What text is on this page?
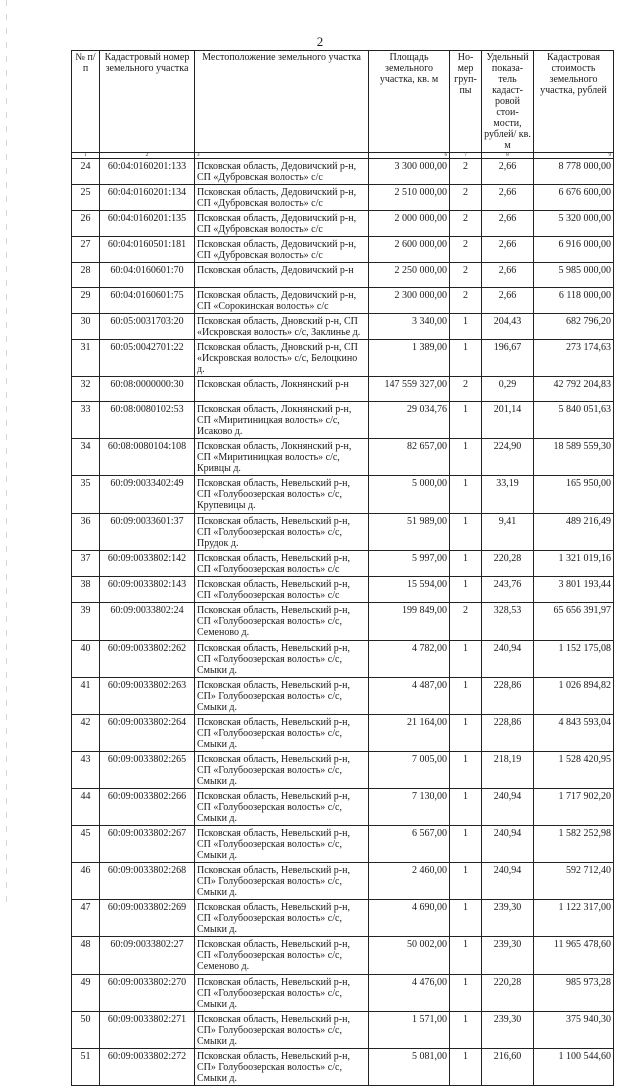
2
№ п/п	Кадастровый номер земельного участка	Местоположение земельного участка	Площадь земельного участка, кв. м	Но-мер груп-пы	Удельный показа-тель кадаст-ровой стои-мости, рублей/ кв. м	Кадастровая стоимость земельного участка, рублей
1	2	3	6	7	8	9
24	60:04:0160201:133	Псковская область, Дедовичский р-н, СП «Дубровская волость» с/с	3 300 000,00	2	2,66	8 778 000,00
25	60:04:0160201:134	Псковская область, Дедовичский р-н, СП «Дубровская волость» с/с	2 510 000,00	2	2,66	6 676 600,00
26	60:04:0160201:135	Псковская область, Дедовичский р-н, СП «Дубровская волость» с/с	2 000 000,00	2	2,66	5 320 000,00
27	60:04:0160501:181	Псковская область, Дедовичский р-н, СП «Дубровская волость» с/с	2 600 000,00	2	2,66	6 916 000,00
28	60:04:0160601:70	Псковская область, Дедовичский р-н	2 250 000,00	2	2,66	5 985 000,00
29	60:04:0160601:75	Псковская область, Дедовичский р-н, СП «Сорокинская волость» с/с	2 300 000,00	2	2,66	6 118 000,00
30	60:05:0031703:20	Псковская область, Дновский р-н, СП «Искровская волость» с/с, Заклинье д.	3 340,00	1	204,43	682 796,20
31	60:05:0042701:22	Псковская область, Дновский р-н, СП «Искровская волость» с/с, Белоцкино д.	1 389,00	1	196,67	273 174,63
32	60:08:0000000:30	Псковская область, Локнянский р-н	147 559 327,00	2	0,29	42 792 204,83
33	60:08:0080102:53	Псковская область, Локнянский р-н, СП «Миритиницкая волость» с/с, Исаково д.	29 034,76	1	201,14	5 840 051,63
34	60:08:0080104:108	Псковская область, Локнянский р-н, СП «Миритиницкая волость» с/с, Кривцы д.	82 657,00	1	224,90	18 589 559,30
35	60:09:0033402:49	Псковская область, Невельский р-н, СП «Голубоозерская волость» с/с, Крупевицы д.	5 000,00	1	33,19	165 950,00
36	60:09:0033601:37	Псковская область, Невельский р-н, СП «Голубоозерская волость» с/с, Прудок д.	51 989,00	1	9,41	489 216,49
37	60:09:0033802:142	Псковская область, Невельский р-н, СП «Голубоозерская волость» с/с	5 997,00	1	220,28	1 321 019,16
38	60:09:0033802:143	Псковская область, Невельский р-н, СП «Голубоозерская волость» с/с	15 594,00	1	243,76	3 801 193,44
39	60:09:0033802:24	Псковская область, Невельский р-н, СП «Голубоозерская волость» с/с, Семеново д.	199 849,00	2	328,53	65 656 391,97
40	60:09:0033802:262	Псковская область, Невельский р-н, СП «Голубоозерская волость» с/с, Смыки д.	4 782,00	1	240,94	1 152 175,08
41	60:09:0033802:263	Псковская область, Невельский р-н, СП» Голубоозерская волость» с/с, Смыки д.	4 487,00	1	228,86	1 026 894,82
42	60:09:0033802:264	Псковская область, Невельский р-н, СП «Голубоозерская волость» с/с, Смыки д.	21 164,00	1	228,86	4 843 593,04
43	60:09:0033802:265	Псковская область, Невельский р-н, СП «Голубоозерская волость» с/с, Смыки д.	7 005,00	1	218,19	1 528 420,95
44	60:09:0033802:266	Псковская область, Невельский р-н, СП «Голубоозерская волость» с/с, Смыки д.	7 130,00	1	240,94	1 717 902,20
45	60:09:0033802:267	Псковская область, Невельский р-н, СП «Голубоозерская волость» с/с, Смыки д.	6 567,00	1	240,94	1 582 252,98
46	60:09:0033802:268	Псковская область, Невельский р-н, СП» Голубоозерская волость» с/с, Смыки д.	2 460,00	1	240,94	592 712,40
47	60:09:0033802:269	Псковская область, Невельский р-н, СП «Голубоозерская волость» с/с, Смыки д.	4 690,00	1	239,30	1 122 317,00
48	60:09:0033802:27	Псковская область, Невельский р-н, СП «Голубоозерская волость» с/с, Семеново д.	50 002,00	1	239,30	11 965 478,60
49	60:09:0033802:270	Псковская область, Невельский р-н, СП «Голубоозерская волость» с/с, Смыки д.	4 476,00	1	220,28	985 973,28
50	60:09:0033802:271	Псковская область, Невельский р-н, СП» Голубоозерская волость» с/с, Смыки д.	1 571,00	1	239,30	375 940,30
51	60:09:0033802:272	Псковская область, Невельский р-н, СП» Голубоозерская волость» с/с, Смыки д.	5 081,00	1	216,60	1 100 544,60
